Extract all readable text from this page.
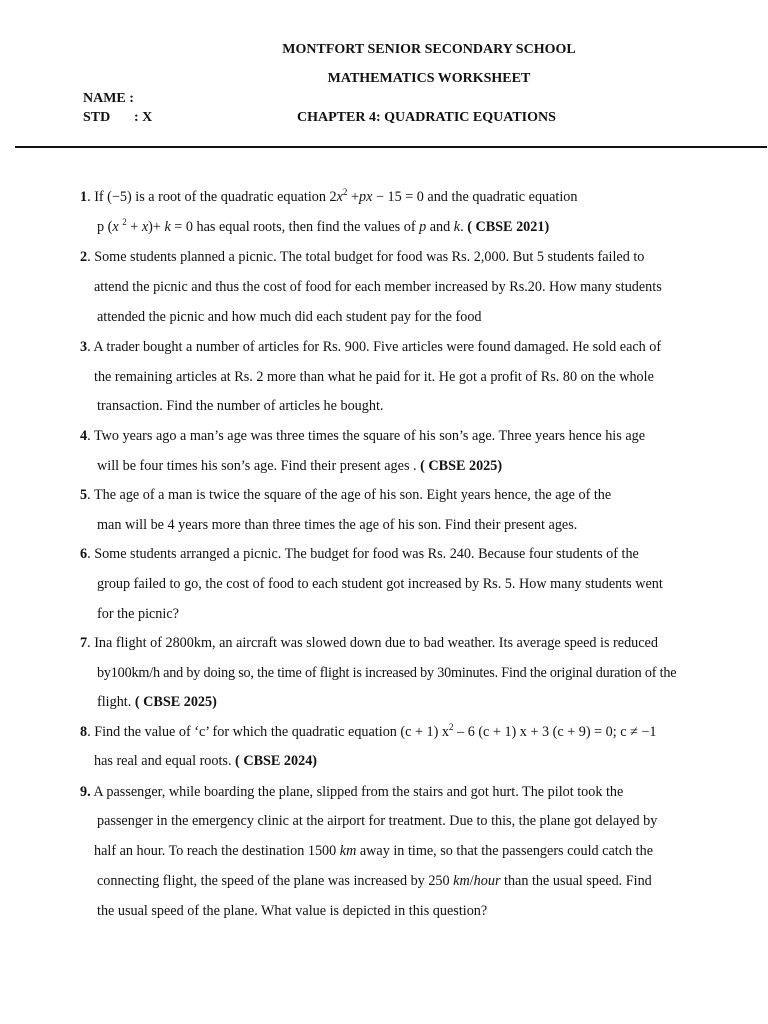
MONTFORT SENIOR SECONDARY SCHOOL
MATHEMATICS WORKSHEET
NAME :
STD : X	CHAPTER 4: QUADRATIC EQUATIONS
1. If (−5) is a root of the quadratic equation $2x^2 +px - 15 = 0$ and the quadratic equation
p (x $^2$ + x)+ k = 0 has equal roots, then find the values of p and k. ( CBSE 2021)
2. Some students planned a picnic. The total budget for food was Rs. 2,000. But 5 students failed to
attend the picnic and thus the cost of food for each member increased by Rs.20. How many students
attended the picnic and how much did each student pay for the food
3. A trader bought a number of articles for Rs. 900. Five articles were found damaged. He sold each of
the remaining articles at Rs. 2 more than what he paid for it. He got a profit of Rs. 80 on the whole
transaction. Find the number of articles he bought.
4. Two years ago a man’s age was three times the square of his son’s age. Three years hence his age
will be four times his son’s age. Find their present ages . ( CBSE 2025)
5. The age of a man is twice the square of the age of his son. Eight years hence, the age of the
man will be 4 years more than three times the age of his son. Find their present ages.
6. Some students arranged a picnic. The budget for food was Rs. 240. Because four students of the
group failed to go, the cost of food to each student got increased by Rs. 5. How many students went
for the picnic?
7. Ina flight of 2800km, an aircraft was slowed down due to bad weather. Its average speed is reduced
by100km/h and by doing so, the time of flight is increased by 30minutes. Find the original duration of the
flight. ( CBSE 2025)
8. Find the value of ‘c’ for which the quadratic equation (c + 1) $x^2 - 6$ (c + 1) x + 3 (c + 9) = 0; c ≠ −1
has real and equal roots. ( CBSE 2024)
9. A passenger, while boarding the plane, slipped from the stairs and got hurt. The pilot took the
passenger in the emergency clinic at the airport for treatment. Due to this, the plane got delayed by
half an hour. To reach the destination 1500 km away in time, so that the passengers could catch the
connecting flight, the speed of the plane was increased by 250 km/hour than the usual speed. Find
the usual speed of the plane. What value is depicted in this question?
